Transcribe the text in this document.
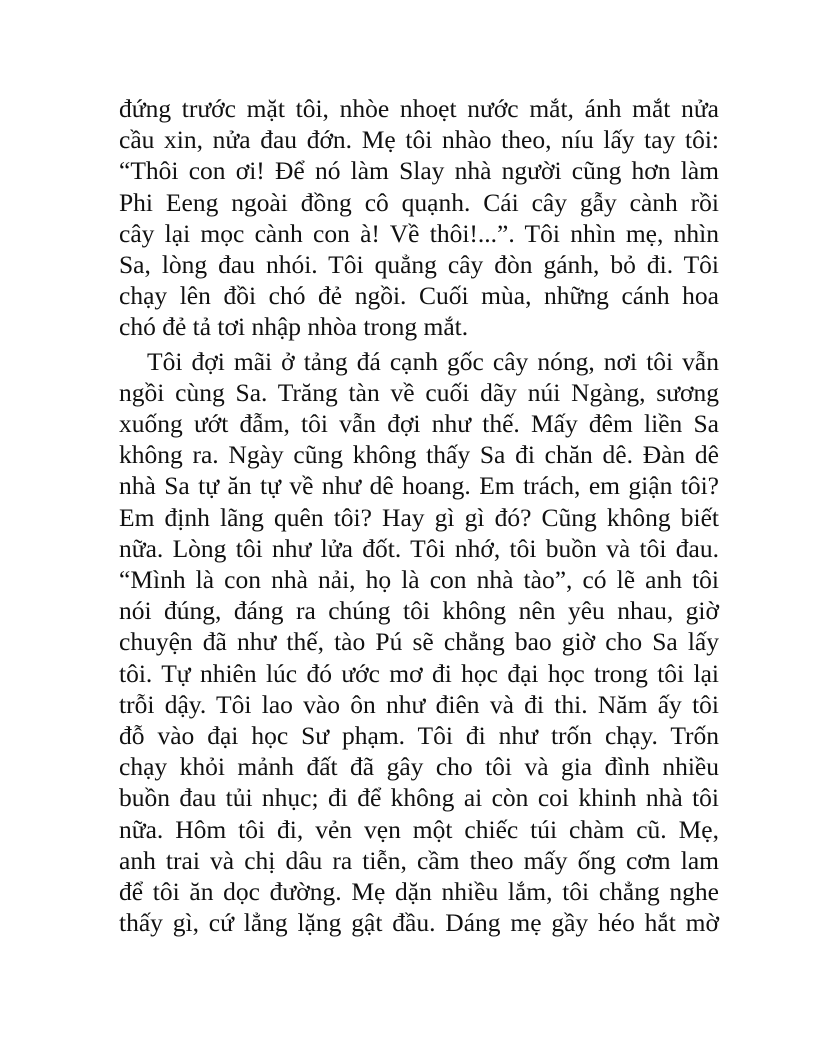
đứng trước mặt tôi, nhòe nhoẹt nước mắt, ánh mắt nửa
cầu xin, nửa đau đớn. Mẹ tôi nhào theo, níu lấy tay tôi:
“Thôi con ơi! Để nó làm Slay nhà người cũng hơn làm
Phi Eeng ngoài đồng cô quạnh. Cái cây gẫy cành rồi
cây lại mọc cành con à! Về thôi!...”. Tôi nhìn mẹ, nhìn
Sa, lòng đau nhói. Tôi quẳng cây đòn gánh, bỏ đi. Tôi
chạy lên đồi chó đẻ ngồi. Cuối mùa, những cánh hoa
chó đẻ tả tơi nhập nhòa trong mắt.
Tôi đợi mãi ở tảng đá cạnh gốc cây nóng, nơi tôi vẫn
ngồi cùng Sa. Trăng tàn về cuối dãy núi Ngàng, sương
xuống ướt đẫm, tôi vẫn đợi như thế. Mấy đêm liền Sa
không ra. Ngày cũng không thấy Sa đi chăn dê. Đàn dê
nhà Sa tự ăn tự về như dê hoang. Em trách, em giận tôi?
Em định lãng quên tôi? Hay gì gì đó? Cũng không biết
nữa. Lòng tôi như lửa đốt. Tôi nhớ, tôi buồn và tôi đau.
“Mình là con nhà nải, họ là con nhà tào”, có lẽ anh tôi
nói đúng, đáng ra chúng tôi không nên yêu nhau, giờ
chuyện đã như thế, tào Pú sẽ chẳng bao giờ cho Sa lấy
tôi. Tự nhiên lúc đó ước mơ đi học đại học trong tôi lại
trỗi dậy. Tôi lao vào ôn như điên và đi thi. Năm ấy tôi
đỗ vào đại học Sư phạm. Tôi đi như trốn chạy. Trốn
chạy khỏi mảnh đất đã gây cho tôi và gia đình nhiều
buồn đau tủi nhục; đi để không ai còn coi khinh nhà tôi
nữa. Hôm tôi đi, vẻn vẹn một chiếc túi chàm cũ. Mẹ,
anh trai và chị dâu ra tiễn, cầm theo mấy ống cơm lam
để tôi ăn dọc đường. Mẹ dặn nhiều lắm, tôi chẳng nghe
thấy gì, cứ lẳng lặng gật đầu. Dáng mẹ gầy héo hắt mờ
